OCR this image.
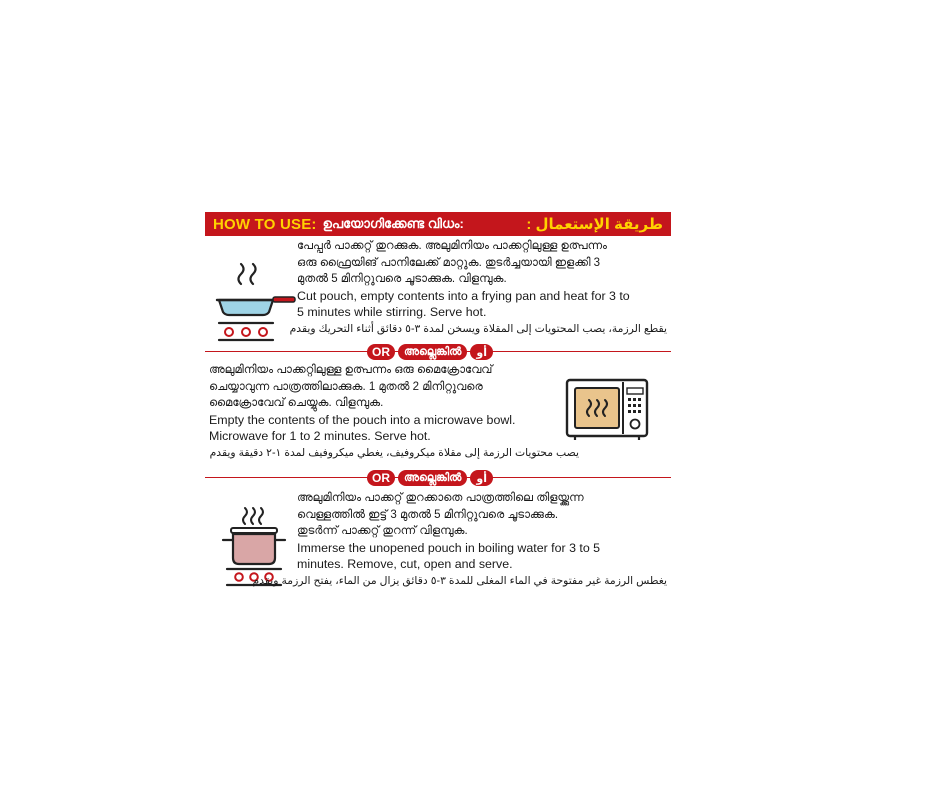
HOW TO USE: ഉപയോഗിക്കേണ്ട വിധം:	طريقة الإستعمال :
പേപ്പർ പാക്കറ്റ് തുറക്കുക. അലുമിനിയം പാക്കറ്റിലുള്ള ഉത്പന്നം
ഒരു ഫ്രൈയിങ് പാനിലേക്ക് മാറ്റുക. തുടർച്ചയായി ഇളക്കി 3
മുതൽ 5 മിനിറ്റുവരെ ചൂടാക്കുക. വിളമ്പുക.
Cut pouch, empty contents into a frying pan and heat for 3 to
5 minutes while stirring. Serve hot.
يقطع الرزمة، يصب المحتويات إلى المقلاة ويسخن لمدة ٣-٥ دقائق أثناء التحريك ويقدم
OR	അല്ലെങ്കിൽ	أو
അലുമിനിയം പാക്കറ്റിലുള്ള ഉത്പന്നം ഒരു മൈക്രോവേവ്
ചെയ്യാവുന്ന പാത്രത്തിലാക്കുക. 1 മുതൽ 2 മിനിറ്റുവരെ
മൈക്രോവേവ് ചെയ്യുക. വിളമ്പുക.
Empty the contents of the pouch into a microwave bowl.
Microwave for 1 to 2 minutes. Serve hot.
يصب محتويات الرزمة إلى مقلاة ميكروفيف، يغطي ميكروفيف لمدة ١-٢ دقيقة ويقدم
OR	അല്ലെങ്കിൽ	أو
അലുമിനിയം പാക്കറ്റ് തുറക്കാതെ പാത്രത്തിലെ തിളയ്ക്കുന്ന
വെള്ളത്തിൽ ഇട്ട് 3 മുതൽ 5 മിനിറ്റുവരെ ചൂടാക്കുക.
തുടർന്ന് പാക്കറ്റ് തുറന്ന് വിളമ്പുക.
Immerse the unopened pouch in boiling water for 3 to 5
minutes. Remove, cut, open and serve.
يغطس الرزمة غير مفتوحة في الماء المغلى للمدة ٣-٥ دقائق يزال من الماء، يفتح الرزمة ويقدم
